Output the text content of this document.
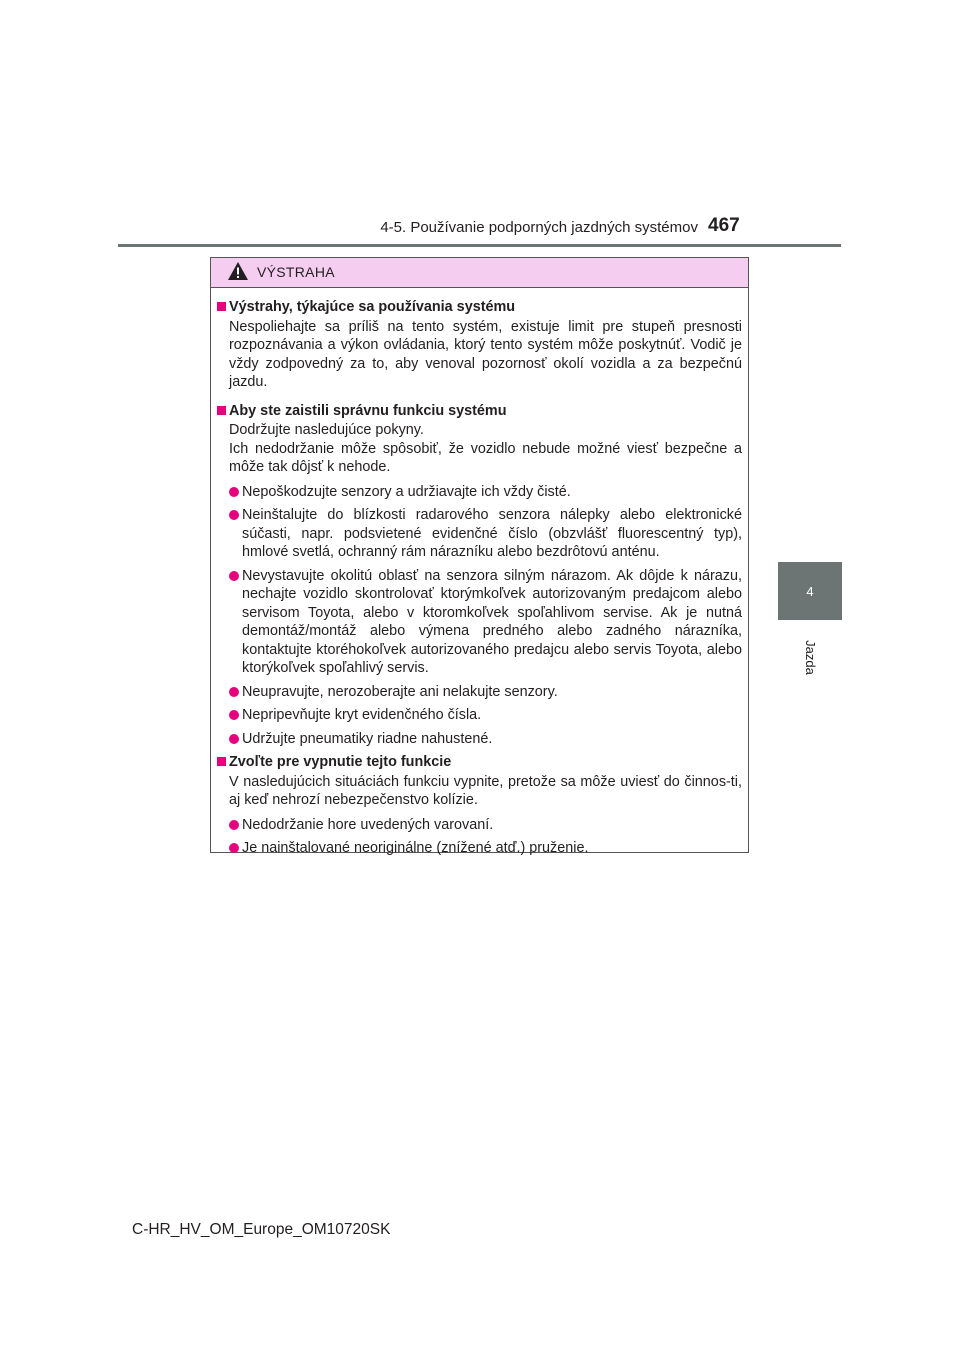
4-5. Používanie podporných jazdných systémov 467
4
Jazda
VÝSTRAHA
Výstrahy, týkajúce sa používania systému
Nespoliehajte sa príliš na tento systém, existuje limit pre stupeň presnosti rozpoznávania a výkon ovládania, ktorý tento systém môže poskytnúť. Vodič je vždy zodpovedný za to, aby venoval pozornosť okolí vozidla a za bezpečnú jazdu.
Aby ste zaistili správnu funkciu systému
Dodržujte nasledujúce pokyny.
Ich nedodržanie môže spôsobiť, že vozidlo nebude možné viesť bezpečne a môže tak dôjsť k nehode.
Nepoškodzujte senzory a udržiavajte ich vždy čisté.
Neinštalujte do blízkosti radarového senzora nálepky alebo elektronické súčasti, napr. podsvietené evidenčné číslo (obzvlášť fluorescentný typ), hmlové svetlá, ochranný rám nárazníku alebo bezdrôtovú anténu.
Nevystavujte okolitú oblasť na senzora silným nárazom. Ak dôjde k nárazu, nechajte vozidlo skontrolovať ktorýmkoľvek autorizovaným predajcom alebo servisom Toyota, alebo v ktoromkoľvek spoľahlivom servise. Ak je nutná demontáž/montáž alebo výmena predného alebo zadného nárazníka, kontaktujte ktoréhokoľvek autorizovaného predajcu alebo servis Toyota, alebo ktorýkoľvek spoľahlivý servis.
Neupravujte, nerozoberajte ani nelakujte senzory.
Nepripevňujte kryt evidenčného čísla.
Udržujte pneumatiky riadne nahustené.
Zvoľte pre vypnutie tejto funkcie
V nasledujúcich situáciách funkciu vypnite, pretože sa môže uviesť do činnos-ti, aj keď nehrozí nebezpečenstvo kolízie.
Nedodržanie hore uvedených varovaní.
Je nainštalované neoriginálne (znížené atď.) pruženie.
C-HR_HV_OM_Europe_OM10720SK
